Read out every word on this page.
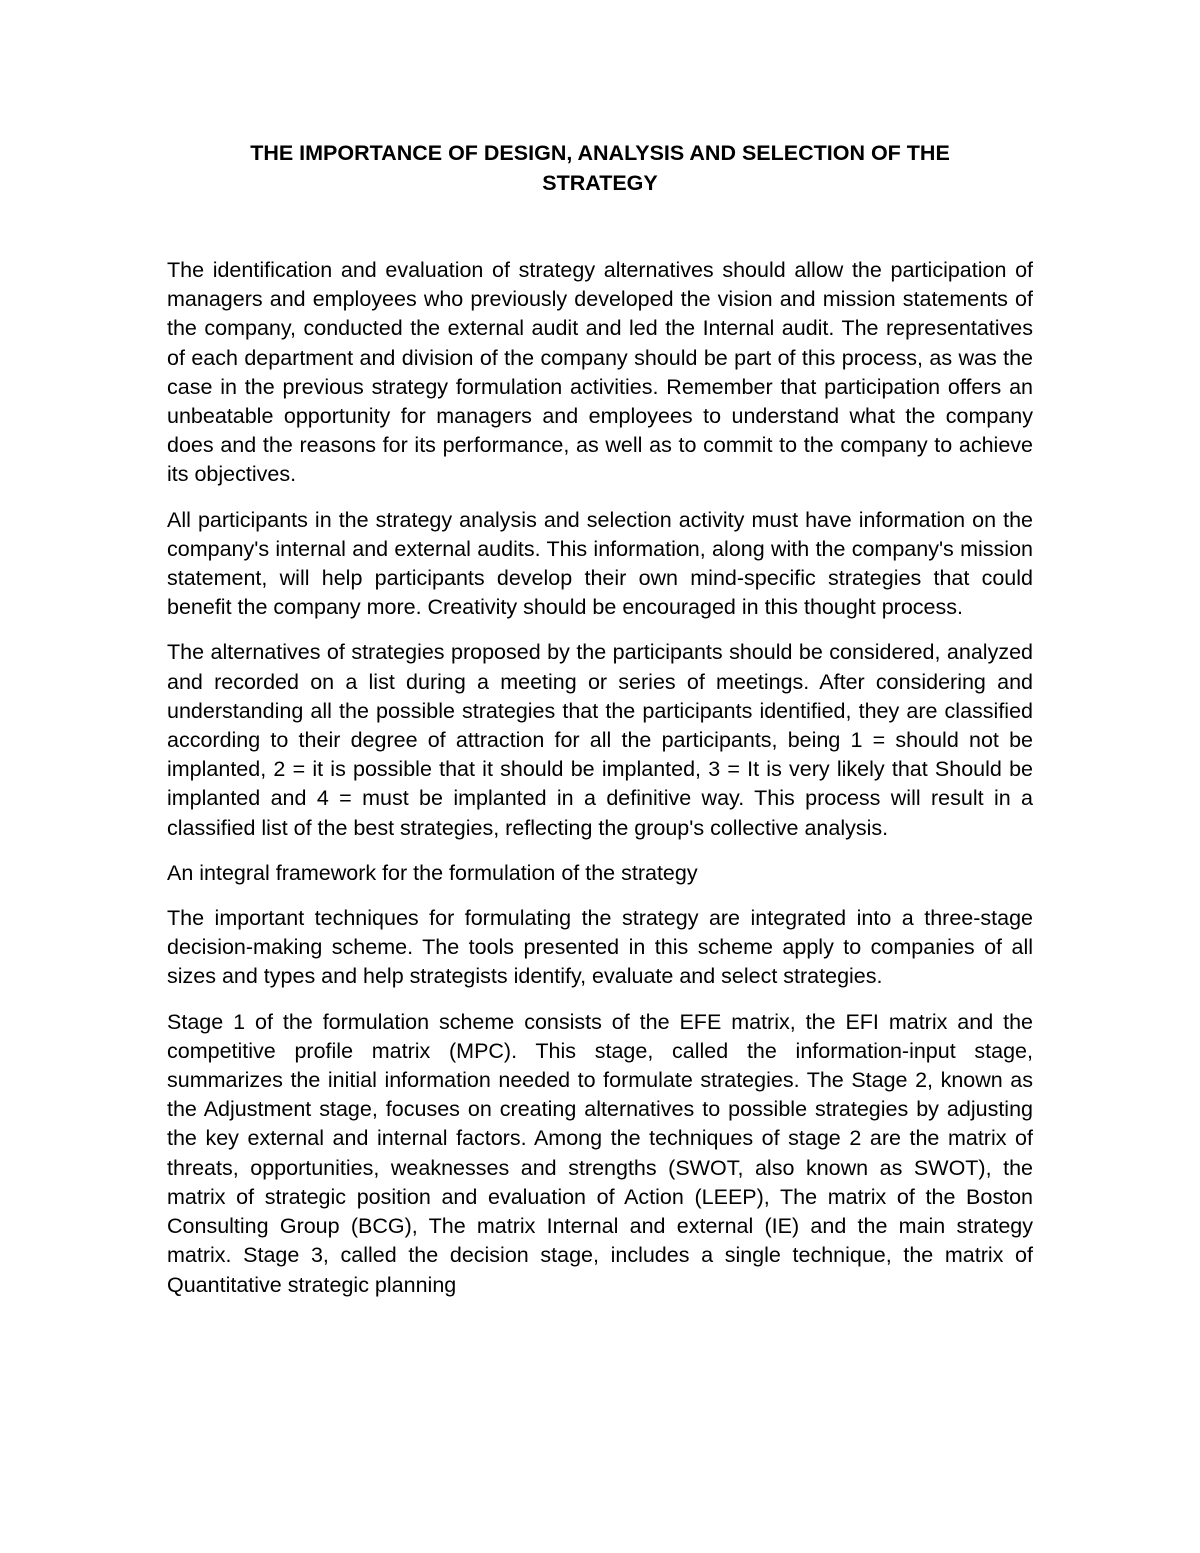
THE IMPORTANCE OF DESIGN, ANALYSIS AND SELECTION OF THE
STRATEGY

The identification and evaluation of strategy alternatives should allow the participation of managers and employees who previously developed the vision and mission statements of the company, conducted the external audit and led the Internal audit. The representatives of each department and division of the company should be part of this process, as was the case in the previous strategy formulation activities. Remember that participation offers an unbeatable opportunity for managers and employees to understand what the company does and the reasons for its performance, as well as to commit to the company to achieve its objectives.

All participants in the strategy analysis and selection activity must have information on the company's internal and external audits. This information, along with the company's mission statement, will help participants develop their own mind-specific strategies that could benefit the company more. Creativity should be encouraged in this thought process.

The alternatives of strategies proposed by the participants should be considered, analyzed and recorded on a list during a meeting or series of meetings. After considering and understanding all the possible strategies that the participants identified, they are classified according to their degree of attraction for all the participants, being 1 = should not be implanted, 2 = it is possible that it should be implanted, 3 = It is very likely that Should be implanted and 4 = must be implanted in a definitive way. This process will result in a classified list of the best strategies, reflecting the group's collective analysis.

An integral framework for the formulation of the strategy

The important techniques for formulating the strategy are integrated into a three-stage decision-making scheme. The tools presented in this scheme apply to companies of all sizes and types and help strategists identify, evaluate and select strategies.

Stage 1 of the formulation scheme consists of the EFE matrix, the EFI matrix and the competitive profile matrix (MPC). This stage, called the information-input stage, summarizes the initial information needed to formulate strategies. The Stage 2, known as the Adjustment stage, focuses on creating alternatives to possible strategies by adjusting the key external and internal factors. Among the techniques of stage 2 are the matrix of threats, opportunities, weaknesses and strengths (SWOT, also known as SWOT), the matrix of strategic position and evaluation of Action (LEEP), The matrix of the Boston Consulting Group (BCG), The matrix Internal and external (IE) and the main strategy matrix. Stage 3, called the decision stage, includes a single technique, the matrix of Quantitative strategic planning
